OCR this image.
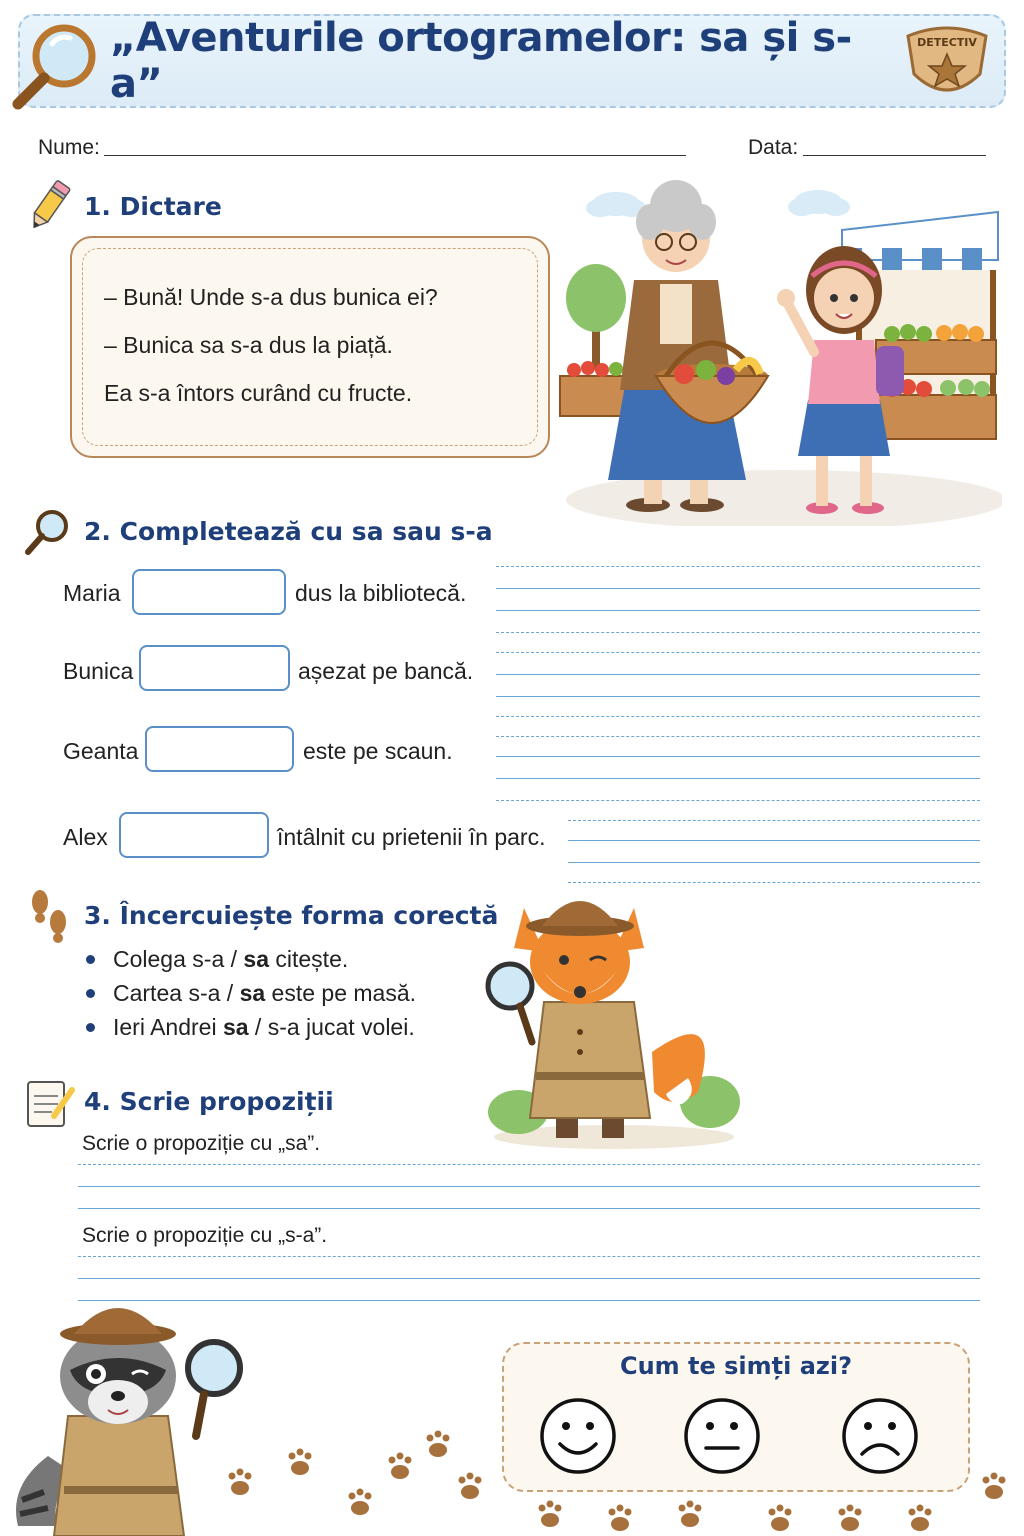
„Aventurile ortogramelor: sa și s-a”
DETECTIV
Nume:	Data:
1. Dictare
– Bună! Unde s-a dus bunica ei?
– Bunica sa s-a dus la piață.
Ea s-a întors curând cu fructe.
2. Completează cu sa sau s-a
Maria	dus la bibliotecă.
Bunica	așezat pe bancă.
Geanta	este pe scaun.
Alex	întâlnit cu prietenii în parc.
3. Încercuiește forma corectă
Colega s-a / sa citește.
Cartea s-a / sa este pe masă.
Ieri Andrei sa / s-a jucat volei.
4. Scrie propoziții
Scrie o propoziție cu „sa”.
Scrie o propoziție cu „s-a”.
Cum te simți azi?
